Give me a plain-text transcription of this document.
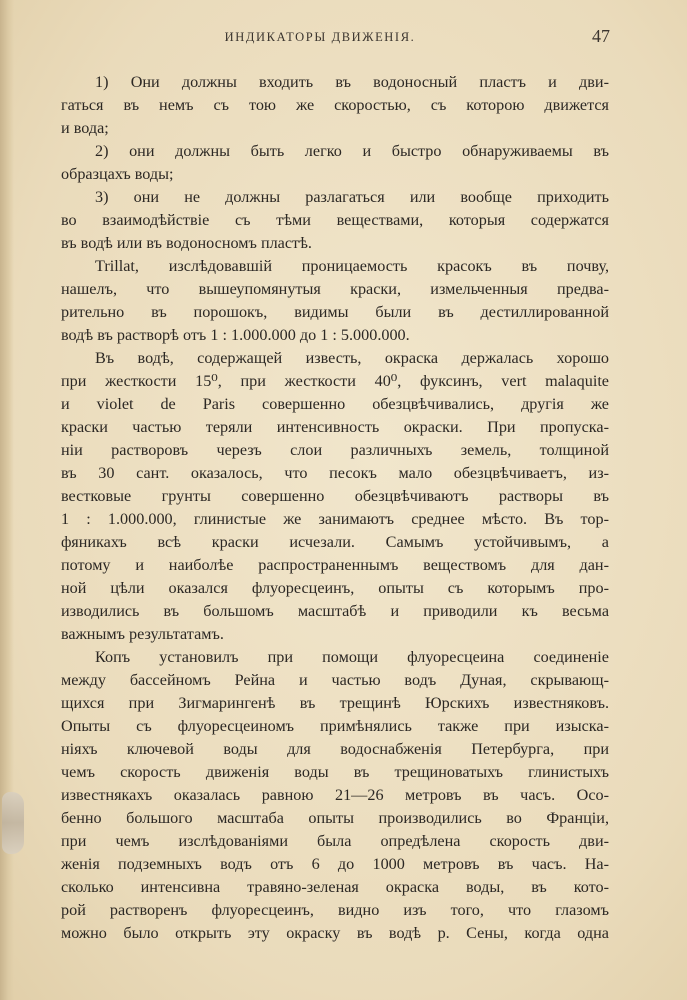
ИНДИКАТОРЫ ДВИЖЕНІЯ.	47
1) Они должны входить въ водоносный пластъ и дви-
гаться въ немъ съ тою же скоростью, съ которою движется
и вода;
2) они должны быть легко и быстро обнаруживаемы въ
образцахъ воды;
3) они не должны разлагаться или вообще приходить
во взаимодѣйствіе съ тѣми веществами, которыя содержатся
въ водѣ или въ водоносномъ пластѣ.
Trillat, изслѣдовавшій проницаемость красокъ въ почву,
нашелъ, что вышеупомянутыя краски, измельченныя предва-
рительно въ порошокъ, видимы были въ дестиллированной
водѣ въ растворѣ отъ 1 : 1.000.000 до 1 : 5.000.000.
Въ водѣ, содержащей известь, окраска держалась хорошо
при жесткости 15⁰, при жесткости 40⁰, фуксинъ, vert malaquite
и violet de Paris совершенно обезцвѣчивались, другія же
краски частью теряли интенсивность окраски. При пропуска-
ніи растворовъ черезъ слои различныхъ земель, толщиной
въ 30 сант. оказалось, что песокъ мало обезцвѣчиваетъ, из-
вестковые грунты совершенно обезцвѣчиваютъ растворы въ
1 : 1.000.000, глинистые же занимаютъ среднее мѣсто. Въ тор-
фяникахъ всѣ краски исчезали. Самымъ устойчивымъ, а
потому и наиболѣе распространеннымъ веществомъ для дан-
ной цѣли оказался флуоресцеинъ, опыты съ которымъ про-
изводились въ большомъ масштабѣ и приводили къ весьма
важнымъ результатамъ.
Копъ установилъ при помощи флуоресцеина соединеніе
между бассейномъ Рейна и частью водъ Дуная, скрывающ-
щихся при Зигмарингенѣ въ трещинѣ Юрскихъ известняковъ.
Опыты съ флуоресцеиномъ примѣнялись также при изыска-
ніяхъ ключевой воды для водоснабженія Петербурга, при
чемъ скорость движенія воды въ трещиноватыхъ глинистыхъ
известнякахъ оказалась равною 21—26 метровъ въ часъ. Осо-
бенно большого масштаба опыты производились во Франціи,
при чемъ изслѣдованіями была опредѣлена скорость дви-
женія подземныхъ водъ отъ 6 до 1000 метровъ въ часъ. На-
сколько интенсивна травяно-зеленая окраска воды, въ кото-
рой растворенъ флуоресцеинъ, видно изъ того, что глазомъ
можно было открыть эту окраску въ водѣ р. Сены, когда одна
